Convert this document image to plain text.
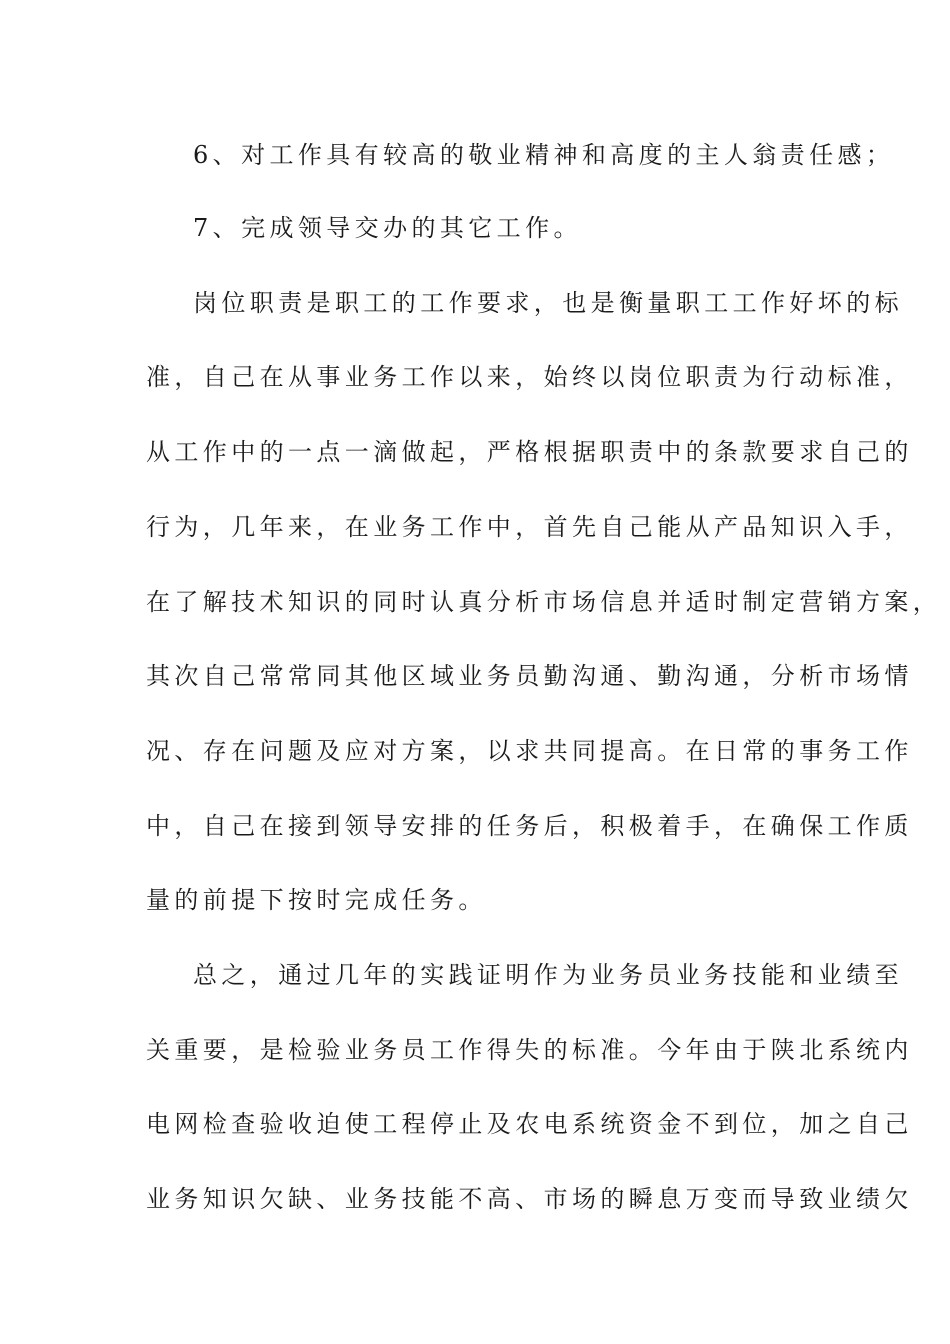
6、对工作具有较高的敬业精神和高度的主人翁责任感；
7、完成领导交办的其它工作。
岗位职责是职工的工作要求，也是衡量职工工作好坏的标
准，自己在从事业务工作以来，始终以岗位职责为行动标准，
从工作中的一点一滴做起，严格根据职责中的条款要求自己的
行为，几年来，在业务工作中，首先自己能从产品知识入手，
在了解技术知识的同时认真分析市场信息并适时制定营销方案，
其次自己常常同其他区域业务员勤沟通、勤沟通，分析市场情
况、存在问题及应对方案，以求共同提高。在日常的事务工作
中，自己在接到领导安排的任务后，积极着手，在确保工作质
量的前提下按时完成任务。
总之，通过几年的实践证明作为业务员业务技能和业绩至
关重要，是检验业务员工作得失的标准。今年由于陕北系统内
电网检查验收迫使工程停止及农电系统资金不到位，加之自己
业务知识欠缺、业务技能不高、市场的瞬息万变而导致业绩欠
